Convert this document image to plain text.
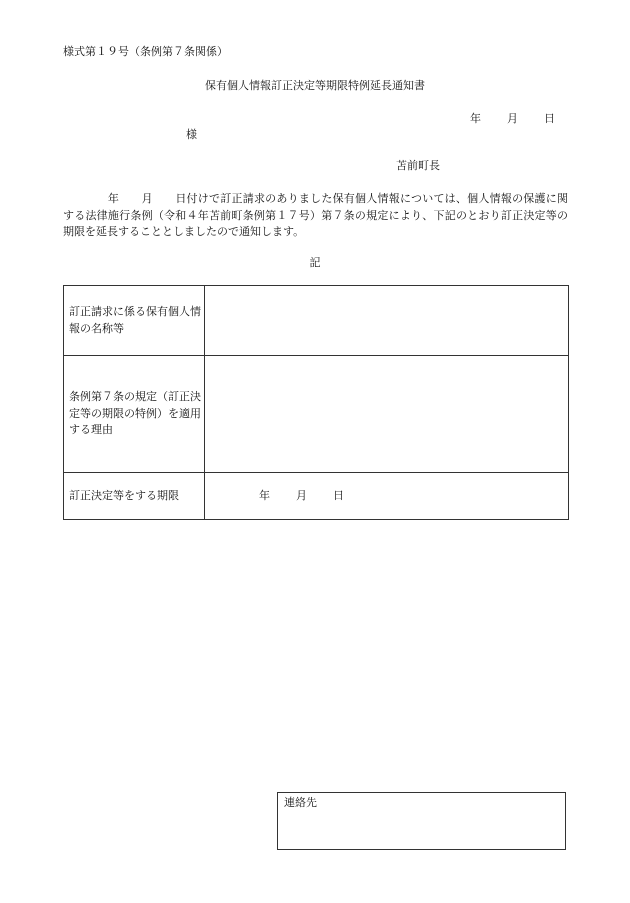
様式第１９号（条例第７条関係）
保有個人情報訂正決定等期限特例延長通知書
年 月 日
様
苫前町長
　　　　年　　月　　日付けで訂正請求のありました保有個人情報については、個人情報の保護に関する法律施行条例（令和４年苫前町条例第１７号）第７条の規定により、下記のとおり訂正決定等の期限を延長することとしましたので通知します。
記
訂正請求に係る保有個人情報の名称等	
条例第７条の規定（訂正決定等の期限の特例）を適用する理由	
訂正決定等をする期限	年 月 日
連絡先
